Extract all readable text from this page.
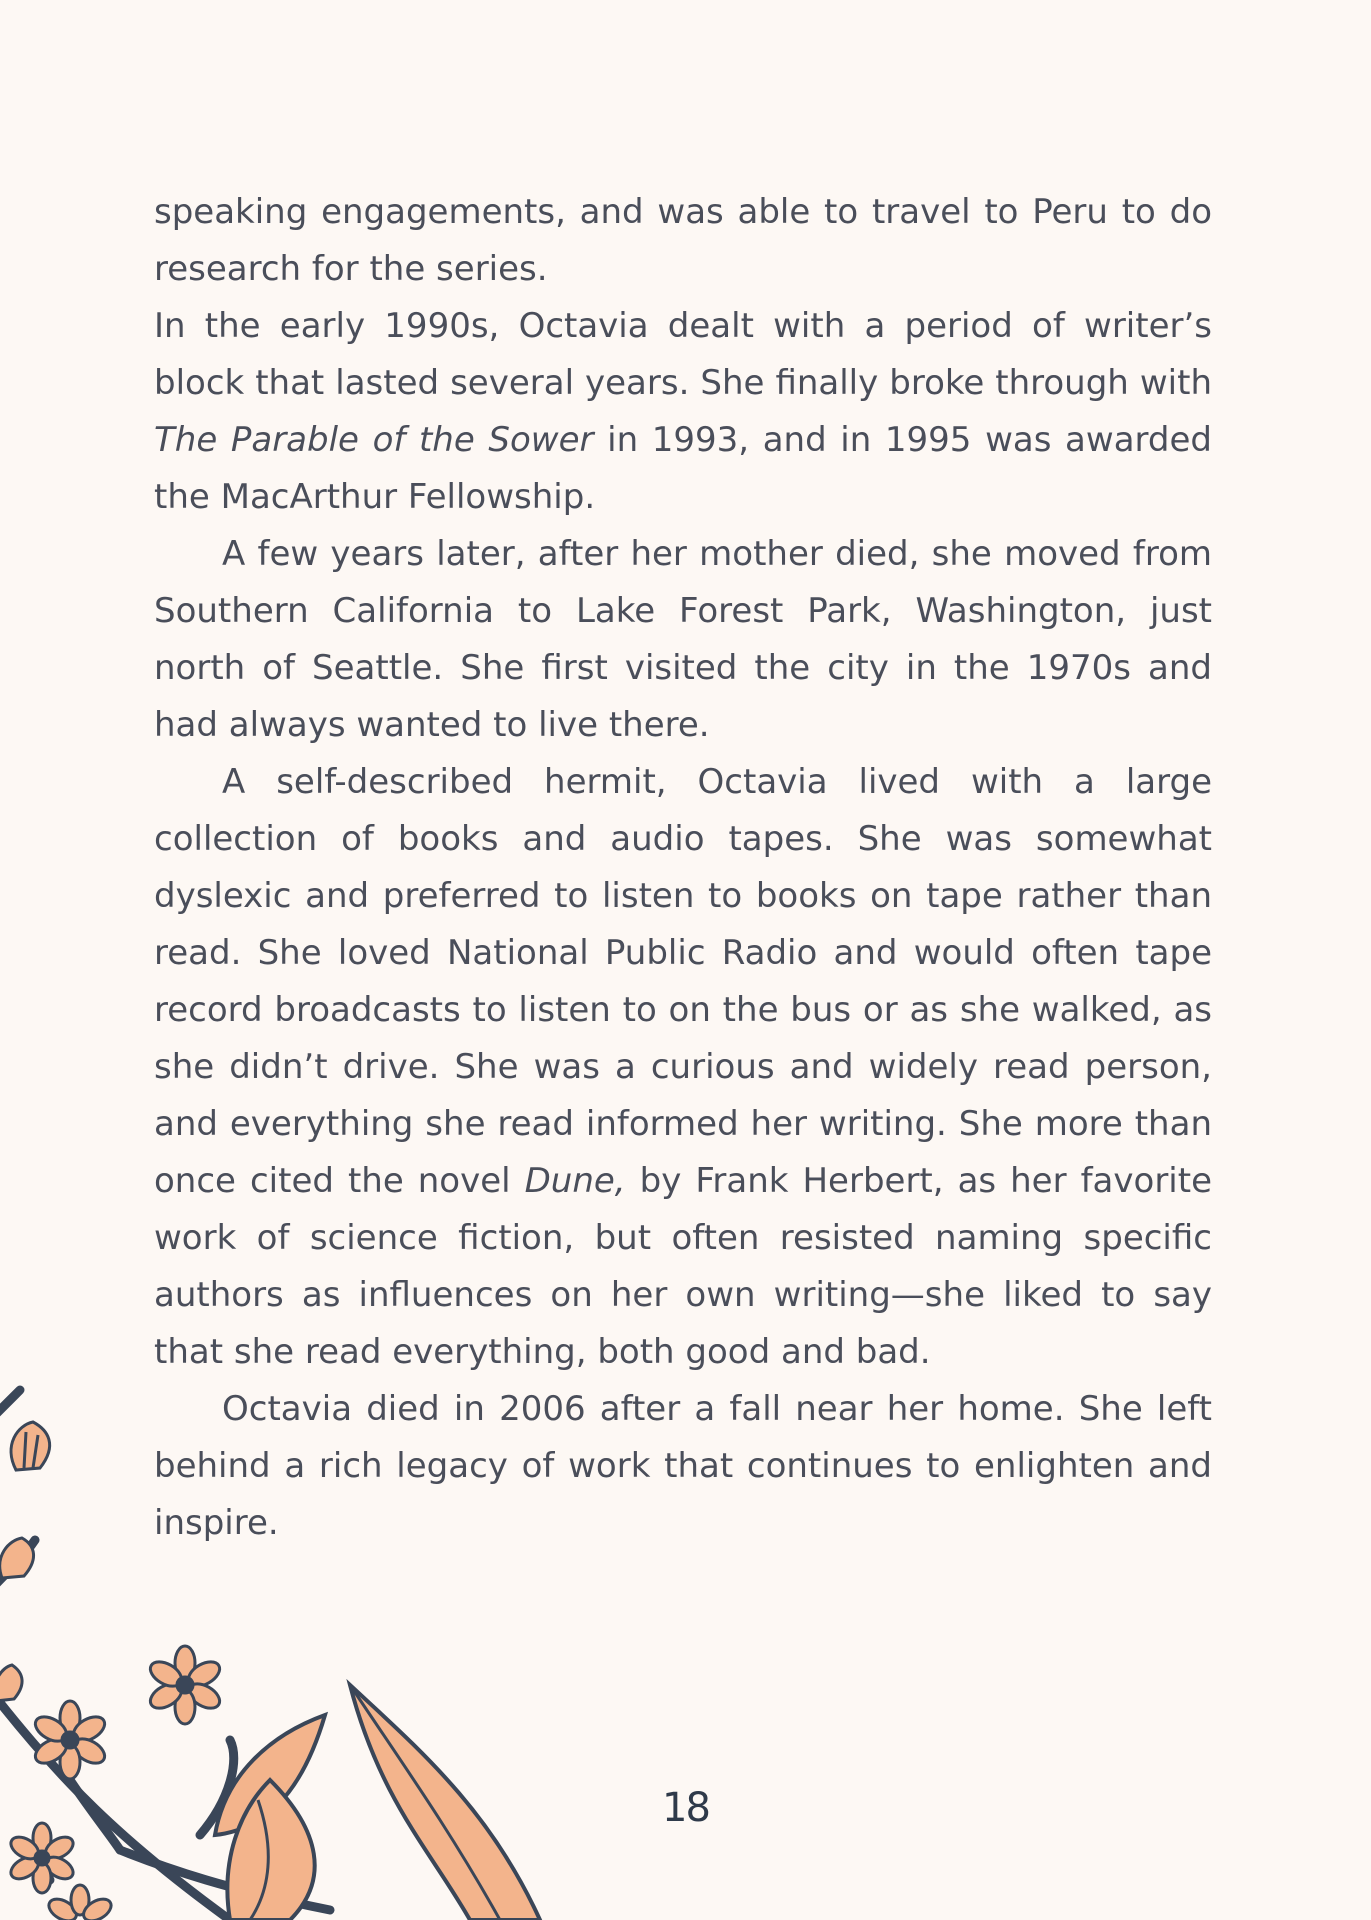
speaking engagements, and was able to travel to Peru to do research for the series.

In the early 1990s, Octavia dealt with a period of writer’s block that lasted several years. She finally broke through with The Parable of the Sower in 1993, and in 1995 was awarded the MacArthur Fellowship.

A few years later, after her mother died, she moved from Southern California to Lake Forest Park, Washington, just north of Seattle. She first visited the city in the 1970s and had always wanted to live there.

A self-described hermit, Octavia lived with a large collection of books and audio tapes. She was somewhat dyslexic and preferred to listen to books on tape rather than read. She loved National Public Radio and would often tape record broadcasts to listen to on the bus or as she walked, as she didn’t drive. She was a curious and widely read person, and everything she read informed her writing. She more than once cited the novel Dune, by Frank Herbert, as her favorite work of science fiction, but often resisted naming specific authors as influences on her own writing—she liked to say that she read everything, both good and bad.

Octavia died in 2006 after a fall near her home. She left behind a rich legacy of work that continues to enlighten and inspire.

18
